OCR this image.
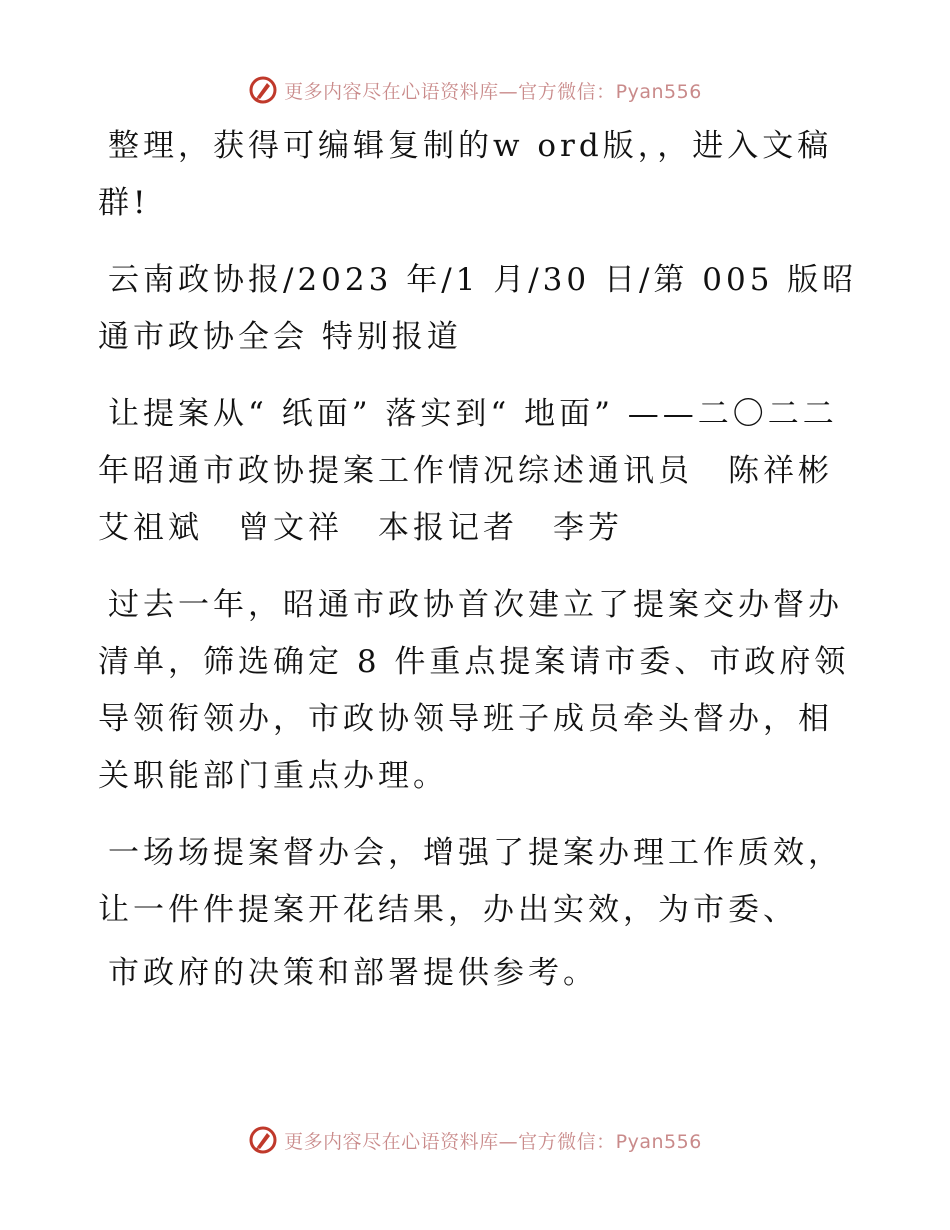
更多内容尽在心语资料库—官方微信：Pyan556

整理，获得可编辑复制的w ord版，，进入文稿群!

云南政协报/2023 年/1 月/30 日/第 005 版昭通市政协全会 特别报道

让提案从“ 纸面” 落实到“ 地面” ——二〇二二年昭通市政协提案工作情况综述通讯员　陈祥彬　艾祖斌　曾文祥　本报记者　李芳

过去一年，昭通市政协首次建立了提案交办督办清单，筛选确定 8 件重点提案请市委、市政府领导领衔领办，市政协领导班子成员牵头督办，相关职能部门重点办理。

一场场提案督办会，增强了提案办理工作质效，让一件件提案开花结果，办出实效，为市委、

市政府的决策和部署提供参考。

更多内容尽在心语资料库—官方微信：Pyan556
